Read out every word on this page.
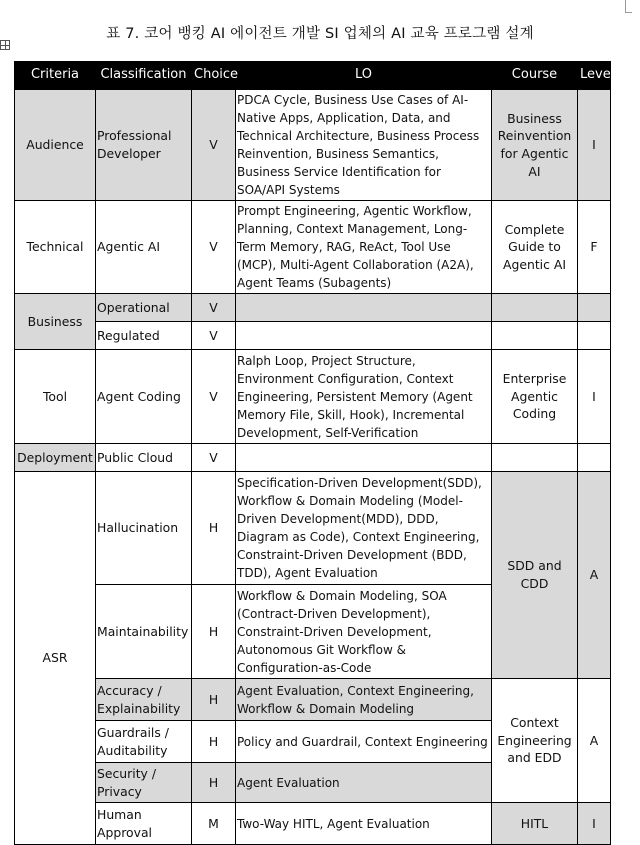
표 7. 코어 뱅킹 AI 에이전트 개발 SI 업체의 AI 교육 프로그램 설계
Criteria	Classification	Choice	LO	Course	Level
Audience	Professional Developer	V	PDCA Cycle, Business Use Cases of AI-Native Apps, Application, Data, and Technical Architecture, Business Process Reinvention, Business Semantics, Business Service Identification for SOA/API Systems	Business Reinvention for Agentic AI	I
Technical	Agentic AI	V	Prompt Engineering, Agentic Workflow, Planning, Context Management, Long-Term Memory, RAG, ReAct, Tool Use (MCP), Multi-Agent Collaboration (A2A), Agent Teams (Subagents)	Complete Guide to Agentic AI	F
Business	Operational	V			
	Regulated	V			
Tool	Agent Coding	V	Ralph Loop, Project Structure, Environment Configuration, Context Engineering, Persistent Memory (Agent Memory File, Skill, Hook), Incremental Development, Self-Verification	Enterprise Agentic Coding	I
Deployment	Public Cloud	V			
ASR	Hallucination	H	Specification-Driven Development(SDD), Workflow & Domain Modeling (Model-Driven Development(MDD), DDD, Diagram as Code), Context Engineering, Constraint-Driven Development (BDD, TDD), Agent Evaluation	SDD and CDD	A
	Maintainability	H	Workflow & Domain Modeling, SOA (Contract-Driven Development), Constraint-Driven Development, Autonomous Git Workflow & Configuration-as-Code		
	Accuracy / Explainability	H	Agent Evaluation, Context Engineering, Workflow & Domain Modeling	Context Engineering and EDD	A
	Guardrails / Auditability	H	Policy and Guardrail, Context Engineering		
	Security / Privacy	H	Agent Evaluation		
	Human Approval	M	Two-Way HITL, Agent Evaluation	HITL	I
